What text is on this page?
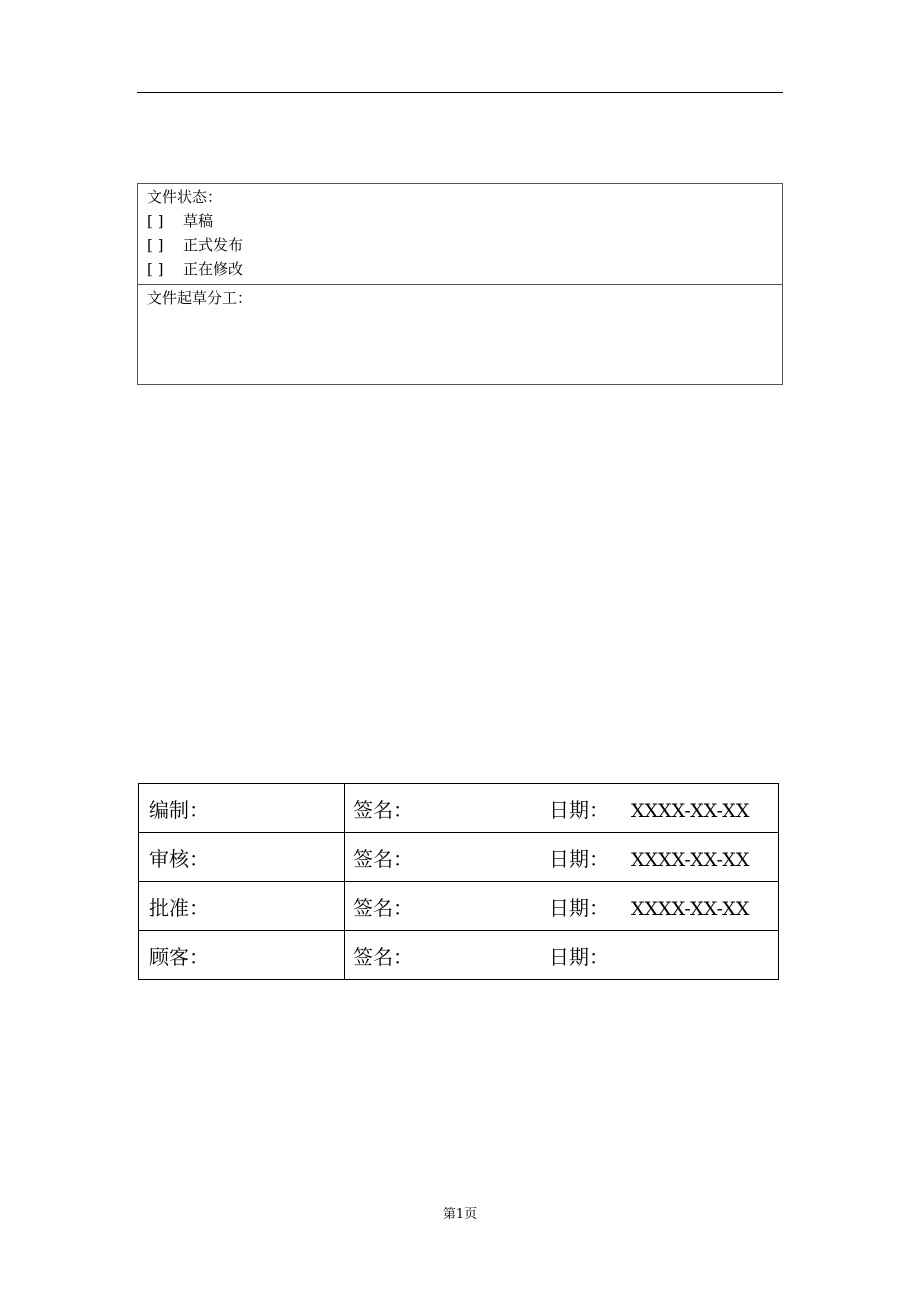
文件状态：
[ ] 草稿
[ ] 正式发布
[ ] 正在修改
文件起草分工：
编制：	签名： 日期： XXXX-XX-XX
审核：	签名： 日期： XXXX-XX-XX
批准：	签名： 日期： XXXX-XX-XX
顾客：	签名： 日期：
第1页
